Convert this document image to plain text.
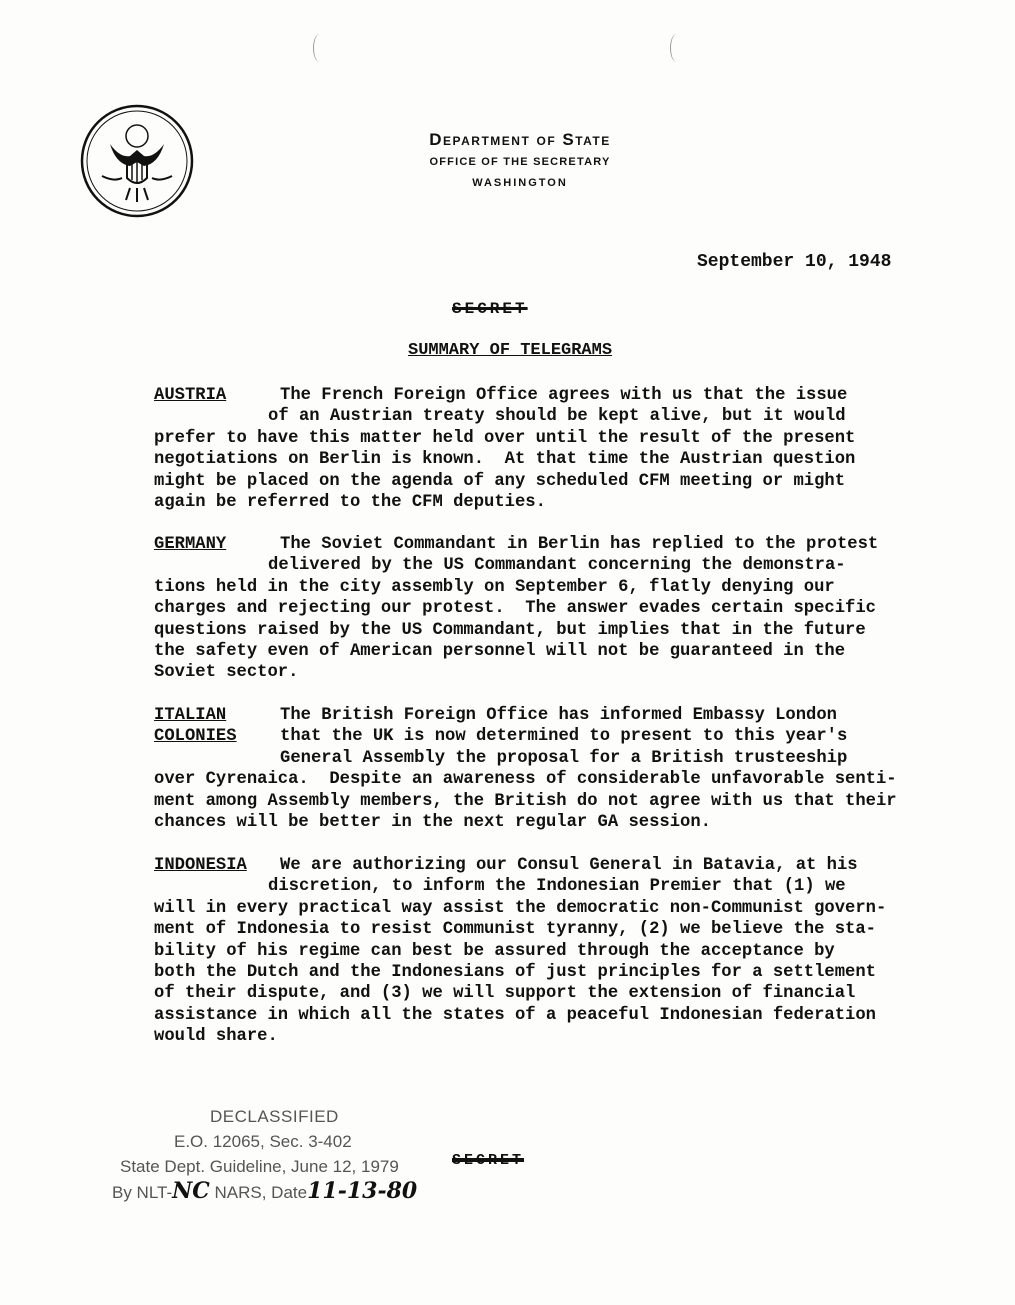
Department of State
OFFICE OF THE SECRETARY
WASHINGTON
September 10, 1948
SECRET
SUMMARY OF TELEGRAMS
AUSTRIA	The French Foreign Office agrees with us that the issue
of an Austrian treaty should be kept alive, but it would
prefer to have this matter held over until the result of the present
negotiations on Berlin is known.  At that time the Austrian question
might be placed on the agenda of any scheduled CFM meeting or might
again be referred to the CFM deputies.
GERMANY	The Soviet Commandant in Berlin has replied to the protest
delivered by the US Commandant concerning the demonstra-
tions held in the city assembly on September 6, flatly denying our
charges and rejecting our protest.  The answer evades certain specific
questions raised by the US Commandant, but implies that in the future
the safety even of American personnel will not be guaranteed in the
Soviet sector.
ITALIAN	The British Foreign Office has informed Embassy London
COLONIES	that the UK is now determined to present to this year's
General Assembly the proposal for a British trusteeship
over Cyrenaica.  Despite an awareness of considerable unfavorable senti-
ment among Assembly members, the British do not agree with us that their
chances will be better in the next regular GA session.
INDONESIA We are authorizing our Consul General in Batavia, at his
discretion, to inform the Indonesian Premier that (1) we
will in every practical way assist the democratic non-Communist govern-
ment of Indonesia to resist Communist tyranny, (2) we believe the sta-
bility of his regime can best be assured through the acceptance by
both the Dutch and the Indonesians of just principles for a settlement
of their dispute, and (3) we will support the extension of financial
assistance in which all the states of a peaceful Indonesian federation
would share.
DECLASSIFIED
E.O. 12065, Sec. 3-402
State Dept. Guideline, June 12, 1979
By NLT-NC NARS, Date11-13-80
SECRET
